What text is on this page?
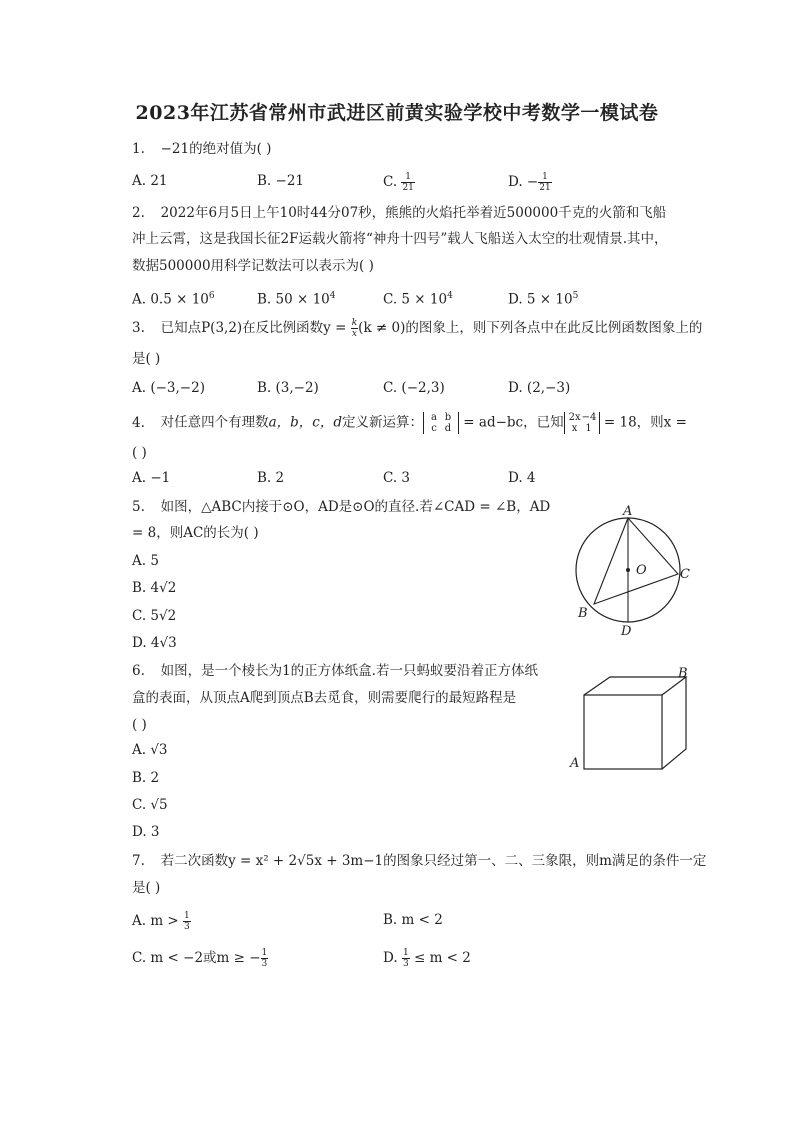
2023年江苏省常州市武进区前黄实验学校中考数学一模试卷
1. −21的绝对值为( )
A. 21	B. −21	C. $\frac{1}{21}$	D. − $\frac{1}{21}$
2. 2022年6月5日上午10时44分07秒，熊熊的火焰托举着近500000千克的火箭和飞船
冲上云霄，这是我国长征2F运载火箭将“神舟十四号”载人飞船送入太空的壮观情景.其中，
数据500000用科学记数法可以表示为( )
A. $0.5 \times 10^6$	B. $50 \times 10^4$	C. $5 \times 10^4$	D. $5 \times 10^5$
3. 已知点P(3,2)在反比例函数$y = \frac{k}{x} (k \ne 0)$的图象上，则下列各点中在此反比例函数图象上的
是( )
A. (−3,−2)	B. (3,−2)	C. (−2,3)	D. (2,−3)
4. 对任意四个有理数a，b，c，d定义新运算： a b
c d = ad−bc，已知 2x−4
x 1 = 18，则x =
( )
A. −1	B. 2	C. 3	D. 4
5. 如图，△ABC内接于⊙O，AD是⊙O的直径.若∠CAD = ∠B，AD
= 8，则AC的长为( )
A. 5
B. 4√2
C. 5√2
D. 4√3
A
O	C
B
D
6. 如图，是一个棱长为1的正方体纸盒.若一只蚂蚁要沿着正方体纸
盒的表面，从顶点A爬到顶点B去觅食，则需要爬行的最短路程是
( )
A. √3
B. 2
C. √5
D. 3
B
A
7. 若二次函数y = x² + 2√5x + 3m−1的图象只经过第一、二、三象限，则m满足的条件一定
是( )
A. $m > \frac{1}{3}$	B. m < 2
C. m < −2或m ≥ − $\frac{1}{3}$	D. $\frac{1}{3} \le m < 2$
